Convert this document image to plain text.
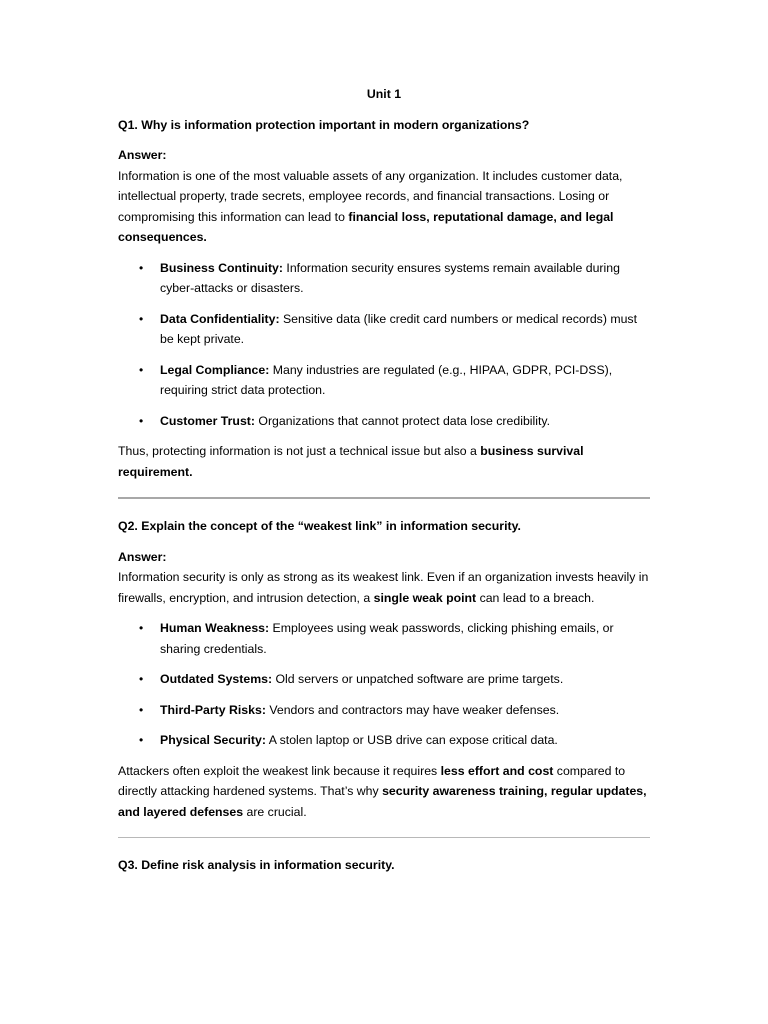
Unit 1

Q1. Why is information protection important in modern organizations?

Answer:

Information is one of the most valuable assets of any organization. It includes customer data, intellectual property, trade secrets, employee records, and financial transactions. Losing or compromising this information can lead to financial loss, reputational damage, and legal consequences.

• Business Continuity: Information security ensures systems remain available during cyber-attacks or disasters.
• Data Confidentiality: Sensitive data (like credit card numbers or medical records) must be kept private.
• Legal Compliance: Many industries are regulated (e.g., HIPAA, GDPR, PCI-DSS), requiring strict data protection.
• Customer Trust: Organizations that cannot protect data lose credibility.

Thus, protecting information is not just a technical issue but also a business survival requirement.

Q2. Explain the concept of the “weakest link” in information security.

Answer:

Information security is only as strong as its weakest link. Even if an organization invests heavily in firewalls, encryption, and intrusion detection, a single weak point can lead to a breach.

• Human Weakness: Employees using weak passwords, clicking phishing emails, or sharing credentials.
• Outdated Systems: Old servers or unpatched software are prime targets.
• Third-Party Risks: Vendors and contractors may have weaker defenses.
• Physical Security: A stolen laptop or USB drive can expose critical data.

Attackers often exploit the weakest link because it requires less effort and cost compared to directly attacking hardened systems. That’s why security awareness training, regular updates, and layered defenses are crucial.

Q3. Define risk analysis in information security.
